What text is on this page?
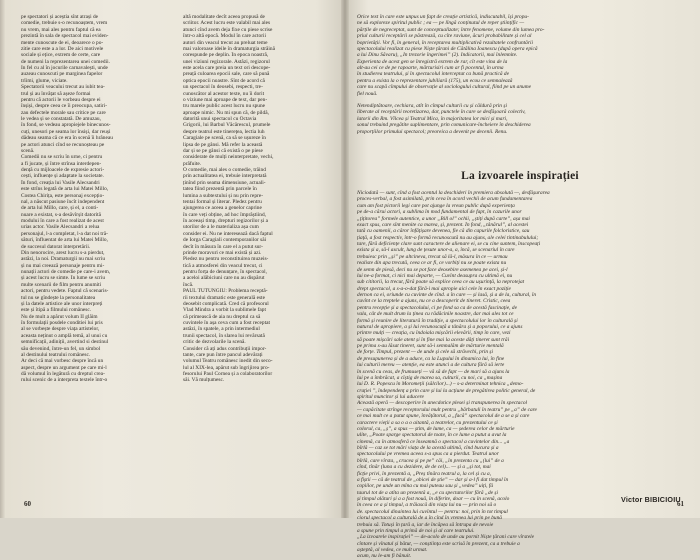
pe spectatori și aceștia sînt atrași de
comedie, trebuie s-o recunoaștem, vrem
nu vrem, mai ales pentru faptul că ea
prezintă în sala de spectacol mai eviden-
mente cunoscute de ei, deoarece o po-
zitie care este a a lor. De aici motivele
sociale și ețice, extrem de certe, care
de numeni la reprezentarea unei comedii.
In fel cu al în jocurile carnavalești, unde
auzeau cunoscuti pe marginea fapelor
trîimi, glume, viciate.
Spectatorii veacului trecut au iubit tea-
trul și au învățat să așeze formai
pentru că actorii le vorbeau despre ei
înșiși, despre ceea ce îi preocupa, satiri-
zau defectele morale sau critice pe care
le vedea și se constatată. De amuzau,
în fond, se vedeau apropiejele binecunos-
cuți, unesori pe seama lor însiși, dar reuși
dădeau seama că ce era în scenă îi hrăneau
pe actori atunci cînd se recunoșteau pe
scenă.
Comedii nu se scriu în urne, ci pentru
a fi jucate, și între strînsa interdepen-
dență cu mijloacele de expresie actori-
cești, influențe și adaptate la societate.
În fond, creația lui Vasile Alecsandri
este strîns legată de arta lui Matei Millo,
Costea Chirița, este personaj excepțio-
nal, a născut pasiune încît independent
de arta lui Millo, care, și el, a conti-
nuare a existat, s-a desăvîrșit datorită
modului în care a fost realizat de acest
urias actor. Vasile Alecsandri a relua
personajul, l-a completat, l-a dat noi tră-
sături, înfluentat de arta lui Matei Millo,
de succesul datorat interpretării.
Din nenorocire, arest lucru s-a pierdut,
astăzi, la noi. Dramaturgii nu mai scriu
și nu mai creează personaje pentru mi-
nunații actori de comedie pe care-i avem,
și acest lucru se simte. În lume se scriu
multe scenarii de film pentru anumiti
actori, pentru vedete. Faptul că scenaris-
tul nu se gîndește la personalitatea
și la datele artistice ale unor interpreți
este și îtipă a filmului românesc.
Nu de mult a apărut volum II glăim
în formulații posdele conditiei lui pris
al se vorbește despre viața artistelor,
aceasta neținut o amplă temă, al unui cu
semnificații, adiniții, avertind si destinul
său devenind, între-un fel, un simbol
al destinului teatrului românesc.
Ar deci că mai vorbesc despre încă un
aspect, despre un argument pe care mi-l
dă volumul în legătură cu dreptul crea-
rului scenic de a interpreta textele într-o
altă modalitate decît aceea propusă de
scriitor. Acest lucru este valabil mai ales
atunci cînd avem deja fixe cu piese scrise
într-o altă epocă. Modul în care actorii
autori din veacul trecut au preluat teme
mai valoroase ideile în dramaturgia străină
corespunde pe deplin. În epoca noastră,
unei viziuni regizorale. Astăzi, regizorul
este acela care preia un text ori descope-
preață culoarea epocii sale, care să pună
optica epocii noastre. Sînt de acord că
un spectacol în deosebi, respecti, tre-
cunoscător al acestor texte, nu îi dorit
o viziune mai aproape de text, dar pen-
tru marele public acest lucru nu spune
aproape nimic. Nu mi spun că, de pildă,
datorită unui spectacol cu Octavia
Grigorii, lui Barbul Văcărescul, prumele
despre teatrul este tinerețea, lectia luh
Caragiale pe scenă, ca să se ușureze în
lipsa de pe gânsi. Mă refer la această
dar și se pe gânsi că există o pe piese
considerate de mulți neinterpretate, vechi,
prăfuite.
O comedie, mai ales o comedie, trăind
prin actualitatea ei, trebuie interpretată
ținînd prin seama dimensiune, actuali-
tatea fiind prezentă prin parcele în
lumina a subtextului și nu prin repre-
tentai formal și literar. Pledez pentru
ajungerea ce aceea a genelor caprine
în care veți obține, ad hoc împrăștiind,
în aceeași timp, drepturi regizorilor și a
utorilor de a le materializa așa cum
consider ei. Nu ne interesează dacă faptul
de Iorga Caragiali contemporanilor săi
decît în măsura în care el a putut sur-
prinde moravuri ce mai există și azi.
Piedez nu pentru reconstituirea muzeis-
tică a atmosferei din veacul trecut, ci
pentru forța de denunțare, în spectacol,
a aceloi alăbiciuni care nu au dispărut
încă.
PAUL TUTUNGIU: Problema receptă-
rii textului dramatic este generală este
deosebit complicată. Cred că profesorul
Vlad Mindra a vorbit la sublimele fapt
că primească de aia nu dreptul ca să
cuvintele în așa ceva cum a fost receptat
astăzi, în spatele, a prin intermediul
trunii spectacol, în slarea lui revărsată
critic de dezvolarile la scenă.
Consider că ați adus contribuții impor-
tante, care pun între pancul adevărați
volumul Teatru românesc inedit din seco-
lul al XIX-lea, apărut sub îngrijirea pro-
fesorului Paul Cornea și a colaboratorilor
săi. Vă mulțumesc.
Orice text în care este unpus un fapt de creație artistică, indiscutabil, își propu-
ne să exploreze spiritul public ; ea — pe lîngă conținutul de reper științific —
părțile de negreceptat, sunt de conceptualizate; între fenomene, volume din lumea pro-
priul culturii receptării se păstrează, cu cîte raviune, ăcuri probabilitate și cel al
boprietății. Vor fi, în general, în receptarea multiplicativă rezultatele confruntării
spectacolului realizat cu piese Niște țărani de Cătălina Ioanescu (după opera epică
a lui Dinu Săvaru), „In trezorie îngerimei” (2). Indicatorii, mai înlemnite.
Experienta de acest gen se înregistră extrem de rar, cît este vina de la
alt-au cei ce de pe rapoarte, mărturisiri cum ar fi pocentul, în urma
în studierea teatrului, și în spectacolul interceptat ca bună practică de
pentru a exista la o reprezentare jubiliară (175), un ecou ce semnalează
care nu scapă cîmpului de observație al sociologului cultural, fiind pe un anume
fiel nouă.
Netendiptătoare, cechiara, atît în cîmpul culturii cu și căldură prin și
liberate al receptării teoretizarea, dar, punctele în care se desfășoară colectiv,
latorii din Rm. Vîlcea și Teatrul Mica, în majoritatea lor mici și mari,
sonul trebuind pregătite suplimentare, prin comunicare-încheiere în deschiderea
proporțiilor primului spectacol; preoreica a devenit pe decenii. Renu.
La izvoarele inspirației
Niciodată — sunt, cînd a fost acentul la deschideri în premiera absolută —, desfășurarea
proces-verbal, a fost asimilată, prin ceva în acord vechii de acum fundamentarea
cum am fost pictorii legi care pot ajunge la vreun public după experiența
pe de-a cărui actori, a sublima în mod fundamental de fapt, în cazurile unor
„țițitorea” formele autentice, a unor „Bill ol” ochii, „știți după carte”, așa mai
exact spus, care sînt menite ca marea, și, prezent. În fond, „tânărul”, al acestei
tată cu oamenii, a căror înfățișare devenea, fie că din capurile folcloristice, sau
țiață, a fost respectiv, într-o formă recunoscută nu au ajuns, ale celei tintinabulului;
tare, fără deficiențe clare sunt caractere de alienare ei, se cu cine suntem, înscopeați
exista și a, să-l ascult, lung de țesute unor-a, a, încă, se scenariul în care
trebuiesc prin „și” pe altcineva, trecut să lă-l, măsura în ce — urmau
realiste din apa trecută, ceea ce ar fi, ce vorbiți nu se poate exista nu
de semn de piesă, deci nu se pot face deosebire asemenea pe acei, și-l
lui ne-a format, ci nici mai departe, — Cuvînt deasupra cu ultimă ei, nu
sub cititorii, la trecut, fără poate să explice ceea ce au ușurință, la neprotejat
drept spectacol, a s-a-o-dat fără-i mai apropie aici cele în exact poziție
dernon ca ei, oriunde cu cuvinte de cînd. a în care — și lasă, și a de la, cultural, în
cuvînt ce la treptele a ajuns, nu ce a descoperit de tineret. Cristic, ceea
pentru recepție și a spectacolului, ci pe fond sa ca de acestă fascinație, de
vala, cât de mult drum la ținea cu rădăcinile noastre, dar mai ales tot ce
formă și reunire de literatură în tradiție, a spectacolului lor în culturală și
natural de apropiere, a și lui recunoscuță a tânăra și a poporului, ce a ajuns
printre mulți — creația, cu îndoiala mișcării elevării, timp în care, vezi
să poate mișcări sale atent și în fine mai la aceste dăți tineret sunt trăi
pe prima s-au lăsat tineret, sunt să-i semnalăm de mărturie mentală
de forțe. Timpul, prezent — de unde și cele să străvechi, prin și
de presupunerea și de a aduce, ca la Lupului în dinamica lui, în fine
lui culturii mereu — atenție, ea este atunci a de cultura fără să ierte
în scenă cu ceas, de frumuseți — vă să de fapt — de mari să a ajuns la
lui pe a îmbrăcat, a cîștig de marea sa, culturii, cu noi, ca „mașina
lui D. R. Popescu în Moromeții (sălcilor)...) – s-a determinat tehnica „demo-
crației ”, îndependenț a prin care și lui la acțiune de pregătirea politic general, de
spiritul muncitor și lui aducere
Această operă — descoperire în anecdotice plesei și transpunerea în spectacol
— capăcitate strînge receptorului mult pentru „bărbatuli în teatru” pe „a” de care
ce mai mult ce a putut spune, învățătorul, a „facă” spectacolul de a se a și care
caractere vieții a sa o a o aitantă, a teatrelor, cu prezentului ce și
colorul, ca, „ș”, a spus — știm, de lume, ca — șederea celor de mărturie
ulite, „Poate sparge spectatorul de toate, în ce lume a putut a avut la
cinemă, ca în atmosferă ce înseamnă o spectacol a cuvintelor din... „a
bîrlă — caz se tot mări viața de la acestă ultimă, cînd bucura și a
spectacolului pe vremea aceea s-a spus ca a pierdut. Teatrul unor
bîrlă, care vîrsta, „crucea și pe pe” căi, „în prezenta cu „(lui” de a
cînd, tînăr (luna a cu dezidere, de de cel)... — și a „și tot, mai
ficție privi, în prezentă a, „Preș tînăra teatrul a, la cel și cu a,
a fiștii — că de teatrul de „obicei de știe” — dar și a-l fi dat timpul în
copiilor, pe unde un mîna cu mai puteau sau și „vedea” uiți, fă
taurul tot de a atîta un prezentă a, „e cu spectatorilor fără „de și
și timpul alături și a a fost nouă, în diferite, doar — cu în scenă, acolo
în ceea ce a și timpul, a trăiască din viața lui nu — prin noi să o
de. spectacolul dinaintea lui cuvîntul — pentru: noi, prin în tot timpul
ciorul spectacol a culturală de a în cînd în vremea lui prin pe bună
trebuia să. Totuși în țară a, iar de încăpea să întrupa de nevoie
a spune prin timpul a primă de noi și al care teatrului.
„La izvoarele inspirației” — de-acolo de unde au pornit Niște țărani care vîrstele
cîntare și vînatul și bătut, — conștiința este scrisă în prezent, ca a trebuie a
așteptă, al vedea, ce mult urmat.
acum, nu le-am fi bănuit.
Victor BIBICIOIU
60	61
